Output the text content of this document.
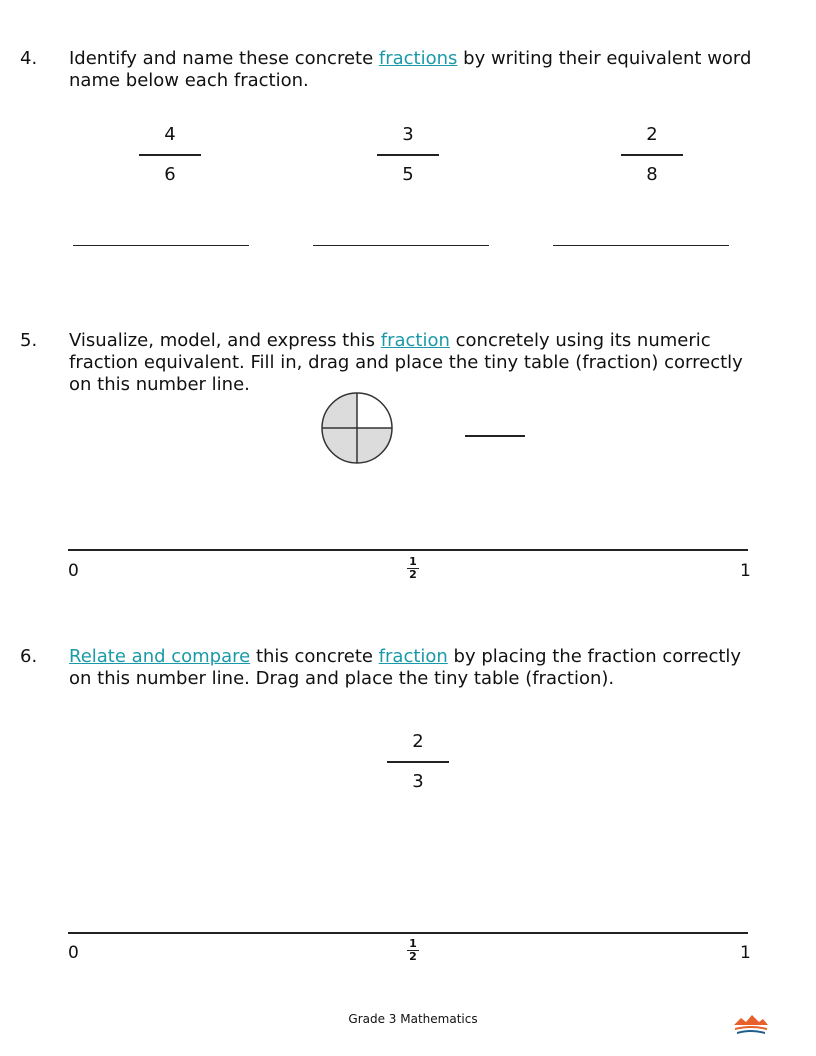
4. Identify and name these concrete fractions by writing their equivalent word name below each fraction.
4
6
3
5
2
8
5. Visualize, model, and express this fraction concretely using its numeric fraction equivalent. Fill in, drag and place the tiny table (fraction) correctly on this number line.
0	1
2	1
6. Relate and compare this concrete fraction by placing the fraction correctly on this number line. Drag and place the tiny table (fraction).
2
3
0	1
2	1
Grade 3 Mathematics
